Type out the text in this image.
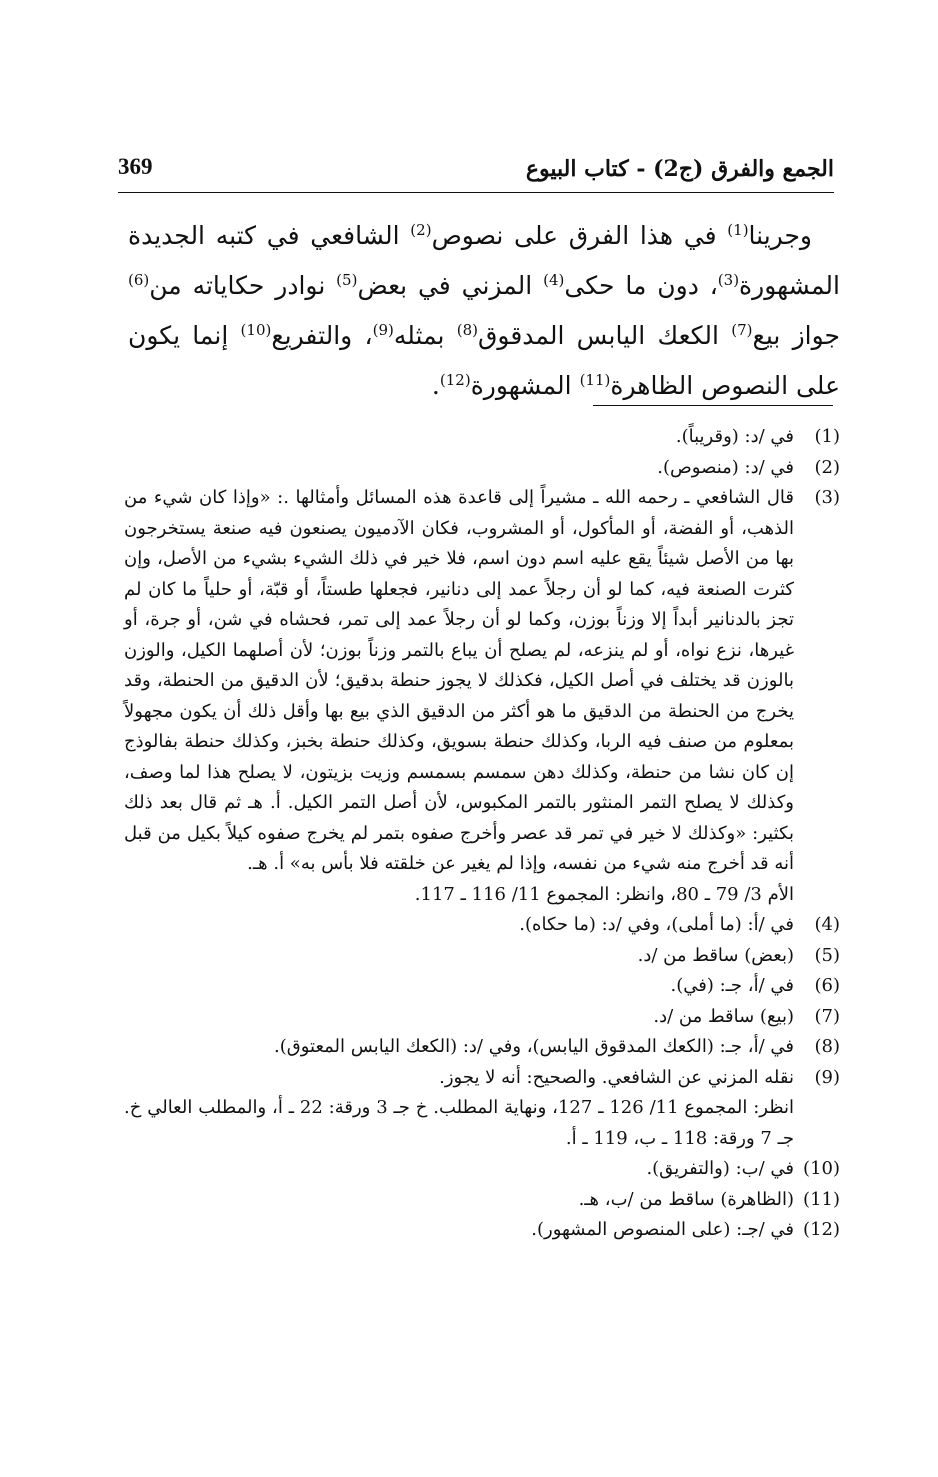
الجمع والفرق (ج2) - كتاب البيوع
369

وجرينا$^{(1)}$ في هذا الفرق على نصوص$^{(2)}$ الشافعي في كتبه الجديدة المشهورة$^{(3)}$، دون ما حكى$^{(4)}$ المزني في بعض$^{(5)}$ نوادر حكاياته من$^{(6)}$ جواز بيع$^{(7)}$ الكعك اليابس المدقوق$^{(8)}$ بمثله$^{(9)}$، والتفريع$^{(10)}$ إنما يكون على النصوص الظاهرة$^{(11)}$ المشهورة$^{(12)}$.

(1)
في /د: (وقريباً).
(2)
في /د: (منصوص).
(3)
قال الشافعي ـ رحمه الله ـ مشيراً إلى قاعدة هذه المسائل وأمثالها .: «وإذا كان شيء من الذهب، أو الفضة، أو المأكول، أو المشروب، فكان الآدميون يصنعون فيه صنعة يستخرجون بها من الأصل شيئاً يقع عليه اسم دون اسم، فلا خير في ذلك الشيء بشيء من الأصل، وإن كثرت الصنعة فيه، كما لو أن رجلاً عمد إلى دنانير، فجعلها طستاً، أو قبّة، أو حلياً ما كان لم تجز بالدنانير أبداً إلا وزناً بوزن، وكما لو أن رجلاً عمد إلى تمر، فحشاه في شن، أو جرة، أو غيرها، نزع نواه، أو لم ينزعه، لم يصلح أن يباع بالتمر وزناً بوزن؛ لأن أصلهما الكيل، والوزن بالوزن قد يختلف في أصل الكيل، فكذلك لا يجوز حنطة بدقيق؛ لأن الدقيق من الحنطة، وقد يخرج من الحنطة من الدقيق ما هو أكثر من الدقيق الذي بيع بها وأقل ذلك أن يكون مجهولاً بمعلوم من صنف فيه الربا، وكذلك حنطة بسويق، وكذلك حنطة بخبز، وكذلك حنطة بفالوذج إن كان نشا من حنطة، وكذلك دهن سمسم بسمسم وزيت بزيتون، لا يصلح هذا لما وصف، وكذلك لا يصلح التمر المنثور بالتمر المكبوس، لأن أصل التمر الكيل. أ. هـ ثم قال بعد ذلك بكثير: «وكذلك لا خير في تمر قد عصر وأخرج صفوه بتمر لم يخرج صفوه كيلاً بكيل من قبل أنه قد أخرج منه شيء من نفسه، وإذا لم يغير عن خلقته فلا بأس به» أ. هـ.
الأم 3/ 79 ـ 80، وانظر: المجموع 11/ 116 ـ 117.
(4)
في /أ: (ما أملى)، وفي /د: (ما حكاه).
(5)
(بعض) ساقط من /د.
(6)
في /أ، جـ: (في).
(7)
(بيع) ساقط من /د.
(8)
في /أ، جـ: (الكعك المدقوق اليابس)، وفي /د: (الكعك اليابس المعتوق).
(9)
نقله المزني عن الشافعي. والصحيح: أنه لا يجوز.
انظر: المجموع 11/ 126 ـ 127، ونهاية المطلب. خ جـ 3 ورقة: 22 ـ أ، والمطلب العالي خ. جـ 7 ورقة: 118 ـ ب، 119 ـ أ.
(10)
في /ب: (والتفريق).
(11)
(الظاهرة) ساقط من /ب، هـ.
(12)
في /جـ: (على المنصوص المشهور).
